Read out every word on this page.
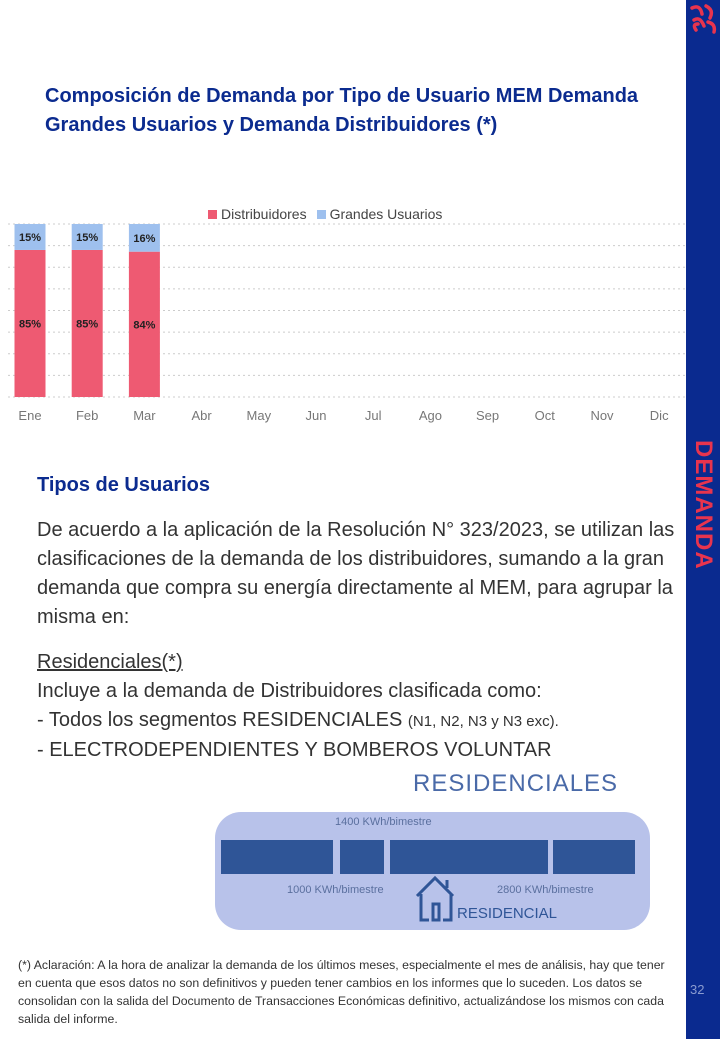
DEMANDA
32
Composición de Demanda por Tipo de Usuario MEM Demanda Grandes Usuarios y Demanda Distribuidores (*)
Distribuidores	Grandes Usuarios
Ene
85%
15%
Feb
85%
15%
Mar
84%
16%
Abr	May	Jun	Jul	Ago	Sep	Oct	Nov	Dic
Tipos de Usuarios
De acuerdo a la aplicación de la Resolución N° 323/2023, se utilizan las clasificaciones de la demanda de los distribuidores, sumando a la gran demanda que compra su energía directamente al MEM, para agrupar la misma en:
Residenciales(*)
Incluye a la demanda de Distribuidores clasificada como:
- Todos los segmentos RESIDENCIALES (N1, N2, N3 y N3 exc).
- ELECTRODEPENDIENTES Y BOMBEROS VOLUNTAR
RESIDENCIALES
1400 KWh/bimestre
1000 KWh/bimestre	2800 KWh/bimestre
RESIDENCIAL
(*) Aclaración: A la hora de analizar la demanda de los últimos meses, especialmente el mes de análisis, hay que tener en cuenta que esos datos no son definitivos y pueden tener cambios en los informes que lo suceden. Los datos se consolidan con la salida del Documento de Transacciones Económicas definitivo, actualizándose los mismos con cada salida del informe.
